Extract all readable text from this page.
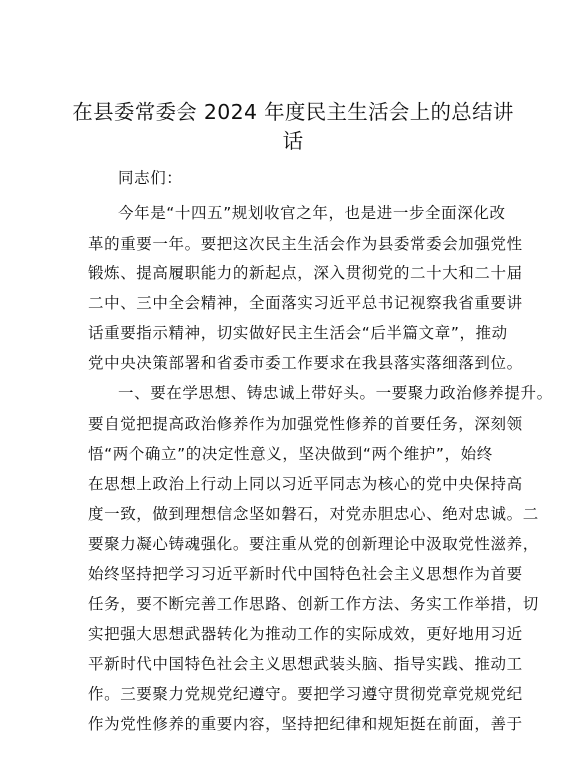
在县委常委会 2024 年度民主生活会上的总结讲
话
同志们：
今年是“十四五”规划收官之年，也是进一步全面深化改
革的重要一年。要把这次民主生活会作为县委常委会加强党性
锻炼、提高履职能力的新起点，深入贯彻党的二十大和二十届
二中、三中全会精神，全面落实习近平总书记视察我省重要讲
话重要指示精神，切实做好民主生活会“后半篇文章”，推动
党中央决策部署和省委市委工作要求在我县落实落细落到位。
一、要在学思想、铸忠诚上带好头。一要聚力政治修养提升。
要自觉把提高政治修养作为加强党性修养的首要任务，深刻领
悟“两个确立”的决定性意义，坚决做到“两个维护”，始终
在思想上政治上行动上同以习近平同志为核心的党中央保持高
度一致，做到理想信念坚如磐石，对党赤胆忠心、绝对忠诚。二
要聚力凝心铸魂强化。要注重从党的创新理论中汲取党性滋养，
始终坚持把学习习近平新时代中国特色社会主义思想作为首要
任务，要不断完善工作思路、创新工作方法、务实工作举措，切
实把强大思想武器转化为推动工作的实际成效，更好地用习近
平新时代中国特色社会主义思想武装头脑、指导实践、推动工
作。三要聚力党规党纪遵守。要把学习遵守贯彻党章党规党纪
作为党性修养的重要内容，坚持把纪律和规矩挺在前面，善于
